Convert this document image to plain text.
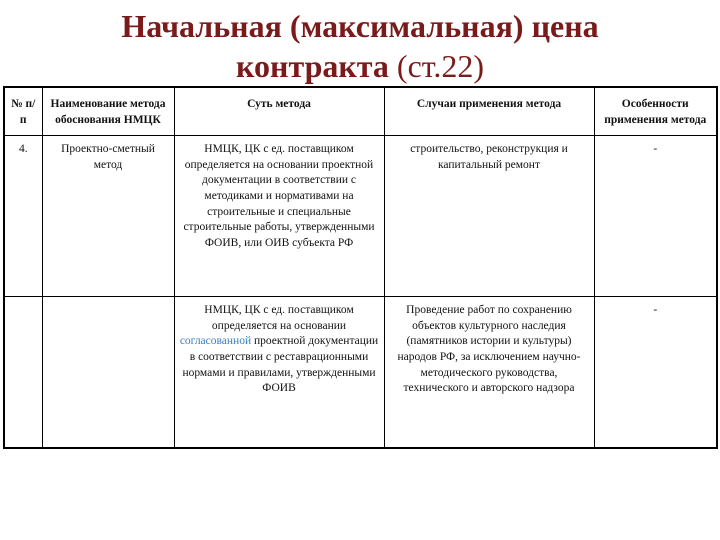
Начальная (максимальная) цена
контракта (ст.22)
№ п/п	Наименование метода обоснования НМЦК	Суть метода	Случаи применения метода	Особенности применения метода
4.	Проектно-сметный метод	НМЦК, ЦК с ед. поставщиком определяется на основании проектной документации в соответствии с методиками и нормативами на строительные и специальные строительные работы, утвержденными ФОИВ, или ОИВ субъекта РФ	строительство, реконструкция и капитальный ремонт	-
		НМЦК, ЦК с ед. поставщиком определяется на основании согласованной проектной документации в соответствии с реставрационными нормами и правилами, утвержденными ФОИВ	Проведение работ по сохранению объектов культурного наследия (памятников истории и культуры) народов РФ, за исключением научно-методического руководства, технического и авторского надзора	-
